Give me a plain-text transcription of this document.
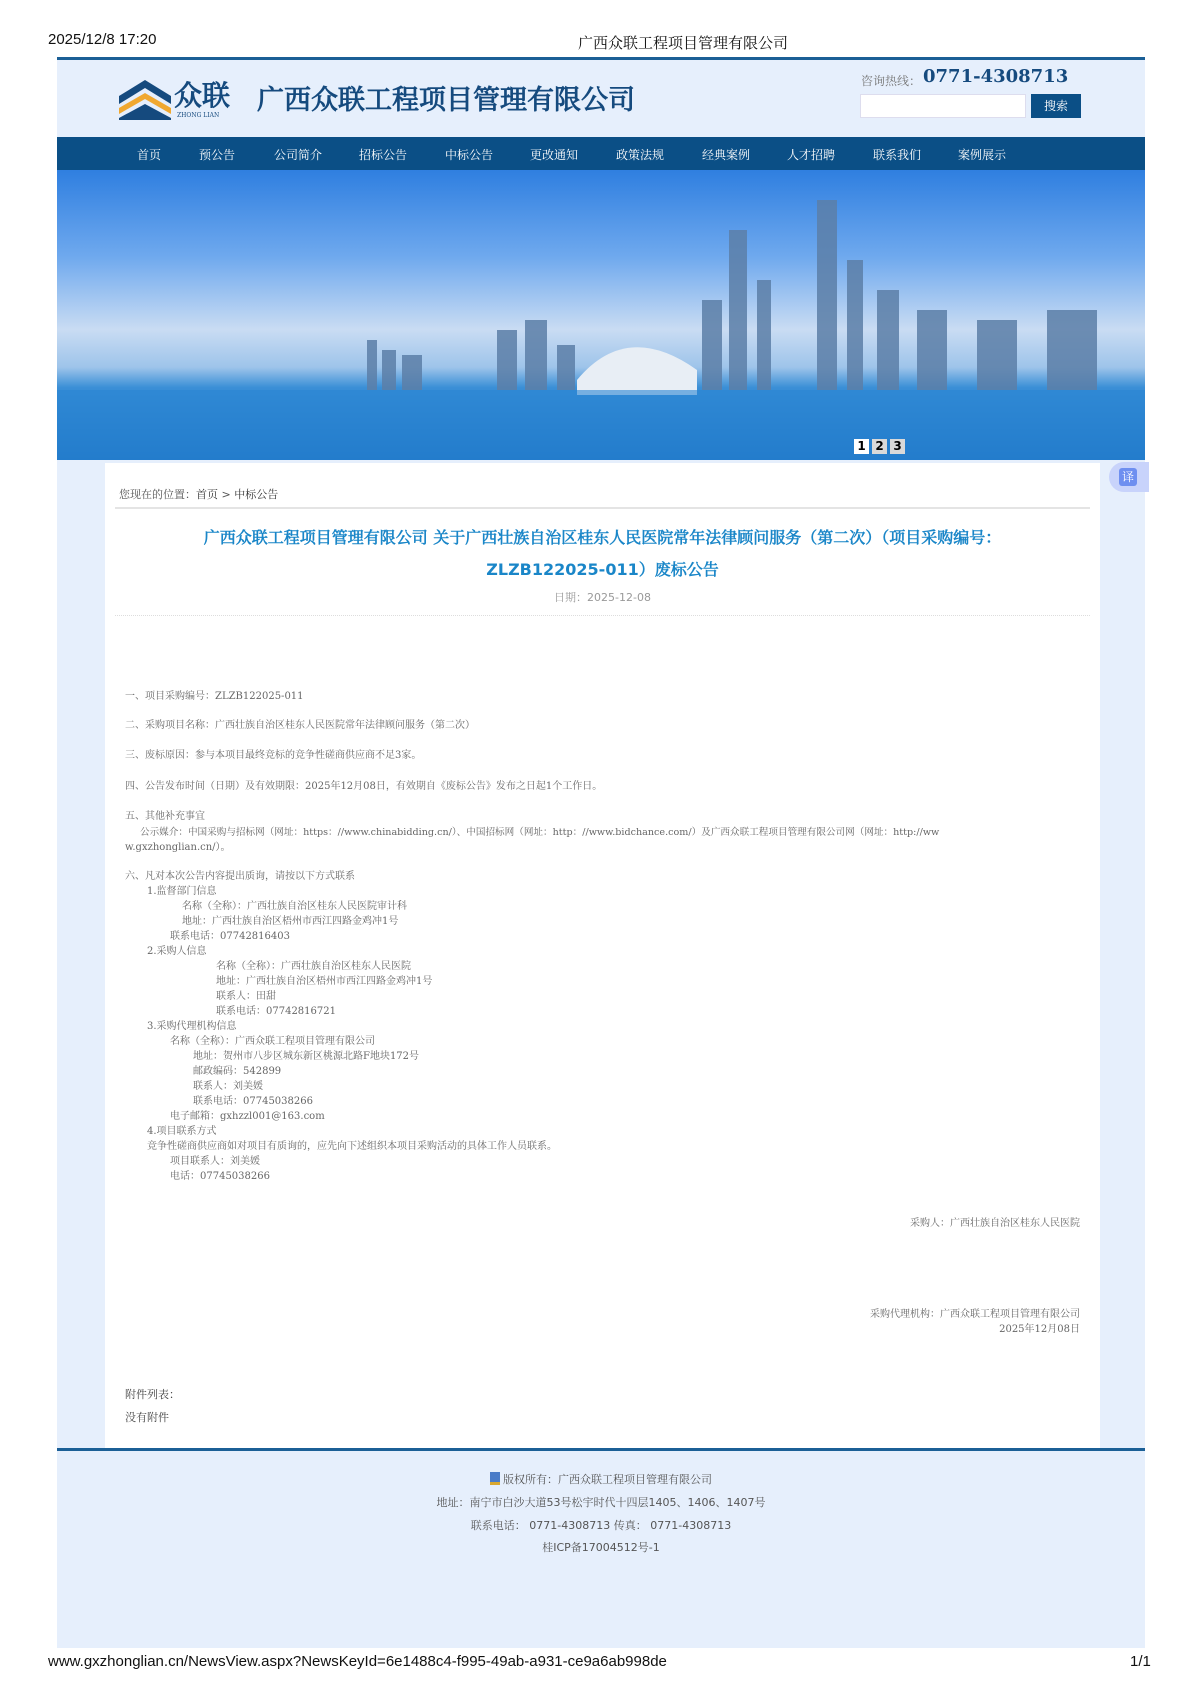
2025/12/8 17:20	广西众联工程项目管理有限公司
众联
ZHONG LIAN 广西众联工程项目管理有限公司
咨询热线： 0771-4308713
搜索
首页	预公告	公司简介	招标公告	中标公告	更改通知	政策法规	经典案例	人才招聘	联系我们	案例展示
1 2 3
译
您现在的位置：首页 > 中标公告
广西众联工程项目管理有限公司 关于广西壮族自治区桂东人民医院常年法律顾问服务（第二次）（项目采购编号：
ZLZB122025-011）废标公告
日期：2025-12-08
一、项目采购编号：ZLZB122025-011
二、采购项目名称：广西壮族自治区桂东人民医院常年法律顾问服务（第二次）
三、废标原因：参与本项目最终竞标的竞争性磋商供应商不足3家。
四、公告发布时间（日期）及有效期限：2025年12月08日，有效期自《废标公告》发布之日起1个工作日。
五、其他补充事宜
公示媒介：中国采购与招标网（网址：https：//www.chinabidding.cn/）、中国招标网（网址：http：//www.bidchance.com/）及广西众联工程项目管理有限公司网（网址：http://ww
w.gxzhonglian.cn/）。
六、凡对本次公告内容提出质询，请按以下方式联系
1.监督部门信息
名称（全称）：广西壮族自治区桂东人民医院审计科
地址：广西壮族自治区梧州市西江四路金鸡冲1号
联系电话：07742816403
2.采购人信息
名称（全称）：广西壮族自治区桂东人民医院
地址：广西壮族自治区梧州市西江四路金鸡冲1号
联系人：田甜
联系电话：07742816721
3.采购代理机构信息
名称（全称）：广西众联工程项目管理有限公司
地址：贺州市八步区城东新区桃源北路F地块172号
邮政编码：542899
联系人：刘美媛
联系电话：07745038266
电子邮箱：gxhzzl001@163.com
4.项目联系方式
竞争性磋商供应商如对项目有质询的，应先向下述组织本项目采购活动的具体工作人员联系。
项目联系人：刘美媛
电话：07745038266
采购人：广西壮族自治区桂东人民医院
采购代理机构：广西众联工程项目管理有限公司
2025年12月08日
附件列表：
没有附件
版权所有：广西众联工程项目管理有限公司
地址：南宁市白沙大道53号松宇时代十四层1405、1406、1407号
联系电话： 0771-4308713 传真： 0771-4308713
桂ICP备17004512号-1
www.gxzhonglian.cn/NewsView.aspx?NewsKeyId=6e1488c4-f995-49ab-a931-ce9a6ab998de	1/1
